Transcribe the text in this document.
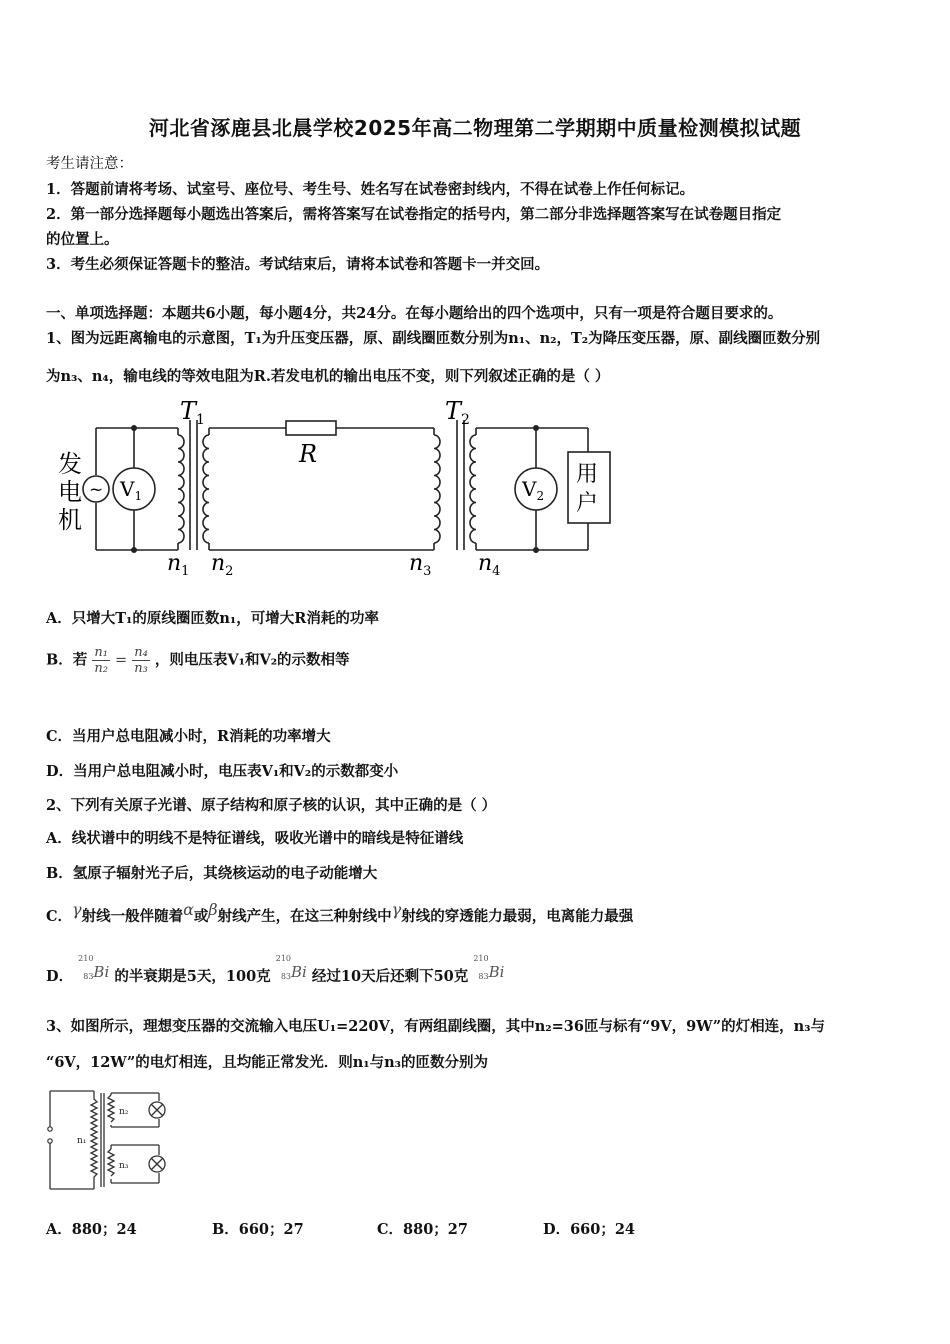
河北省涿鹿县北晨学校2025年高二物理第二学期期中质量检测模拟试题
考生请注意：
1．答题前请将考场、试室号、座位号、考生号、姓名写在试卷密封线内，不得在试卷上作任何标记。
2．第一部分选择题每小题选出答案后，需将答案写在试卷指定的括号内，第二部分非选择题答案写在试卷题目指定
的位置上。
3．考生必须保证答题卡的整洁。考试结束后，请将本试卷和答题卡一并交回。
一、单项选择题：本题共6小题，每小题4分，共24分。在每小题给出的四个选项中，只有一项是符合题目要求的。
1、图为远距离输电的示意图，T₁为升压变压器，原、副线圈匝数分别为n₁、n₂，T₂为降压变压器，原、副线圈匝数分别
为n₃、n₄，输电线的等效电阻为R.若发电机的输出电压不变，则下列叙述正确的是（ ）
发
电
机
~ $V_1$	$V_2$
用
户
$T_1$	$T_2$
R
$n_1$ $n_2$	$n_3$ $n_4$
A．只增大T₁的原线圈匝数n₁，可增大R消耗的功率
B．若 $\frac{\text{n₁}}{\text{n₂}} = \frac{\text{n₄}}{\text{n₃}}$ ，则电压表V₁和V₂的示数相等
C．当用户总电阻减小时，R消耗的功率增大
D．当用户总电阻减小时，电压表V₁和V₂的示数都变小
2、下列有关原子光谱、原子结构和原子核的认识，其中正确的是（ ）
A．线状谱中的明线不是特征谱线，吸收光谱中的暗线是特征谱线
B．氢原子辐射光子后，其绕核运动的电子动能增大
C．γ射线一般伴随着α或β射线产生，在这三种射线中γ射线的穿透能力最弱，电离能力最强
D． $^{210}$
$_{83}$Bi 的半衰期是5天，100克 $^{210}$
$_{83}$Bi 经过10天后还剩下50克 $^{210}$
$_{83}$Bi
3、如图所示，理想变压器的交流输入电压U₁=220V，有两组副线圈，其中n₂=36匝与标有“9V，9W”的灯相连，n₃与
“6V，12W”的电灯相连，且均能正常发光．则n₁与n₃的匝数分别为
n₁
n₂
n₃
A．880；24	B．660；27	C．880；27	D．660；24
